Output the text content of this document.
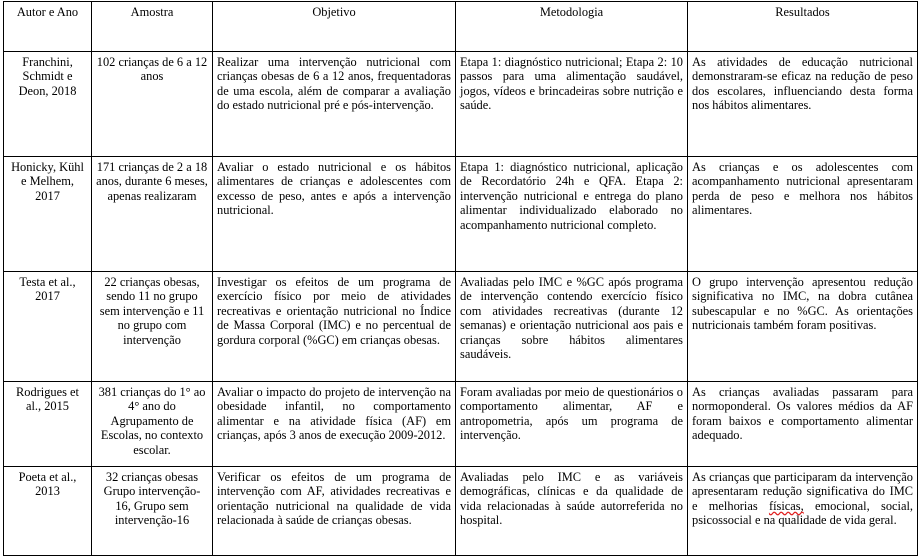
Autor e Ano	Amostra	Objetivo	Metodologia	Resultados
Franchini, Schmidt e Deon, 2018	102 crianças de 6 a 12 anos	Realizar uma intervenção nutricional com crianças obesas de 6 a 12 anos, frequentadoras de uma escola, além de comparar a avaliação do estado nutricional pré e pós-intervenção.	Etapa 1: diagnóstico nutricional; Etapa 2: 10 passos para uma alimentação saudável, jogos, vídeos e brincadeiras sobre nutrição e saúde.	As atividades de educação nutricional demonstraram-se eficaz na redução de peso dos escolares, influenciando desta forma nos hábitos alimentares.
Honicky, Kühl e Melhem, 2017	171 crianças de 2 a 18 anos, durante 6 meses, apenas realizaram	Avaliar o estado nutricional e os hábitos alimentares de crianças e adolescentes com excesso de peso, antes e após a intervenção nutricional.	Etapa 1: diagnóstico nutricional, aplicação de Recordatório 24h e QFA. Etapa 2: intervenção nutricional e entrega do plano alimentar individualizado elaborado no acompanhamento nutricional completo.	As crianças e os adolescentes com acompanhamento nutricional apresentaram perda de peso e melhora nos hábitos alimentares.
Testa et al., 2017	22 crianças obesas, sendo 11 no grupo sem intervenção e 11 no grupo com intervenção	Investigar os efeitos de um programa de exercício físico por meio de atividades recreativas e orientação nutricional no Índice de Massa Corporal (IMC) e no percentual de gordura corporal (%GC) em crianças obesas.	Avaliadas pelo IMC e %GC após programa de intervenção contendo exercício físico com atividades recreativas (durante 12 semanas) e orientação nutricional aos pais e crianças sobre hábitos alimentares saudáveis.	O grupo intervenção apresentou redução significativa no IMC, na dobra cutânea subescapular e no %GC. As orientações nutricionais também foram positivas.
Rodrigues et al., 2015	381 crianças do 1° ao 4° ano do Agrupamento de Escolas, no contexto escolar.	Avaliar o impacto do projeto de intervenção na obesidade infantil, no comportamento alimentar e na atividade física (AF) em crianças, após 3 anos de execução 2009-2012.	Foram avaliadas por meio de questionários o comportamento alimentar, AF e antropometria, após um programa de intervenção.	As crianças avaliadas passaram para normoponderal. Os valores médios da AF foram baixos e comportamento alimentar adequado.
Poeta et al., 2013	32 crianças obesas Grupo intervenção-16, Grupo sem intervenção-16	Verificar os efeitos de um programa de intervenção com AF, atividades recreativas e orientação nutricional na qualidade de vida relacionada à saúde de crianças obesas.	Avaliadas pelo IMC e as variáveis demográficas, clínicas e da qualidade de vida relacionadas à saúde autorreferida no hospital.	As crianças que participaram da intervenção apresentaram redução significativa do IMC e melhorias físicas, emocional, social, psicossocial e na qualidade de vida geral.
